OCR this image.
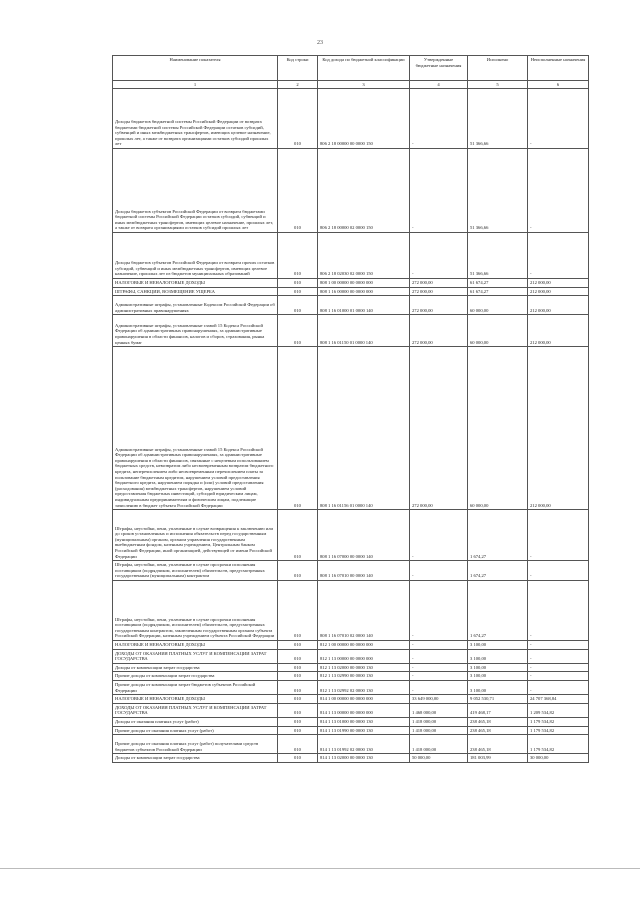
23
Наименование показателя	Код строки	Код дохода по бюджетной классификации	Утвержденные бюджетные назначения	Исполнено	Неисполненные назначения
1	2	3	4	5	6
Доходы бюджетов бюджетной системы Российской Федерации от возврата бюджетами бюджетной системы Российской Федерации остатков субсидий, субвенций и иных межбюджетных трансфертов, имеющих целевое назначение, прошлых лет, а также от возврата организациями остатков субсидий прошлых лет	010	806 2 18 00000 00 0000 150	-	51 366,66	-
Доходы бюджетов субъектов Российской Федерации от возврата бюджетами бюджетной системы Российской Федерации остатков субсидий, субвенций и иных межбюджетных трансфертов, имеющих целевое назначение, прошлых лет, а также от возврата организациями остатков субсидий прошлых лет	010	806 2 18 00000 02 0000 150	-	51 366,66	-
Доходы бюджетов субъектов Российской Федерации от возврата прочих остатков субсидий, субвенций и иных межбюджетных трансфертов, имеющих целевое назначение, прошлых лет из бюджетов муниципальных образований	010	806 2 18 02030 02 0000 150	-	51 366,66	-
НАЛОГОВЫЕ И НЕНАЛОГОВЫЕ ДОХОДЫ	010	808 1 00 00000 00 0000 000	272 000,00	61 674,27	212 000,00
ШТРАФЫ, САНКЦИИ, ВОЗМЕЩЕНИЕ УЩЕРБА	010	808 1 16 00000 00 0000 000	272 000,00	61 674,27	212 000,00
Административные штрафы, установленные Кодексом Российской Федерации об административных правонарушениях	010	808 1 16 01000 01 0000 140	272 000,00	60 000,00	212 000,00
Административные штрафы, установленные главой 15 Кодекса Российской Федерации об административных правонарушениях, за административные правонарушения в области финансов, налогов и сборов, страхования, рынка ценных бумаг	010	808 1 16 01150 01 0000 140	272 000,00	60 000,00	212 000,00
Административные штрафы, установленные главой 15 Кодекса Российской Федерации об административных правонарушениях, за административные правонарушения в области финансов, связанные с нецелевым использованием бюджетных средств, невозвратом либо несвоевременным возвратом бюджетного кредита, неперечислением либо несвоевременным перечислением платы за пользование бюджетным кредитом, нарушением условий предоставления бюджетного кредита, нарушением порядка и (или) условий предоставления (расходования) межбюджетных трансфертов, нарушением условий предоставления бюджетных инвестиций, субсидий юридическим лицам, индивидуальным предпринимателям и физическим лицам, подлежащие зачислению в бюджет субъекта Российской Федерации	010	808 1 16 01156 01 0000 140	272 000,00	60 000,00	212 000,00
Штрафы, неустойки, пени, уплаченные в случае возвращения к заключению или до сроков установленных и исполнения обязательств перед государственным (муниципальным) органом, органом управления государственным внебюджетным фондом, казенным учреждением, Центральным банком Российской Федерации, иной организацией, действующей от имени Российской Федерации	010	808 1 16 07000 00 0000 140	-	1 674,27	-
Штрафы, неустойки, пени, уплаченные в случае просрочки исполнения поставщиком (подрядчиком, исполнителем) обязательств, предусмотренных государственным (муниципальным) контрактом	010	808 1 16 07010 00 0000 140	-	1 674,27	-
Штрафы, неустойки, пени, уплаченные в случае просрочки исполнения поставщиком (подрядчиком, исполнителем) обязательств, предусмотренных государственным контрактом, заключенным государственным органом субъекта Российской Федерации, казенным учреждением субъекта Российской Федерации	010	808 1 16 07010 02 0000 140	-	1 674,27	-
НАЛОГОВЫЕ И НЕНАЛОГОВЫЕ ДОХОДЫ	010	812 1 00 00000 00 0000 000	-	3 100,00	-
ДОХОДЫ ОТ ОКАЗАНИЯ ПЛАТНЫХ УСЛУГ И КОМПЕНСАЦИИ ЗАТРАТ ГОСУДАРСТВА	010	812 1 13 00000 00 0000 000	-	3 100,00	-
Доходы от компенсации затрат государства	010	812 1 13 02000 00 0000 130	-	3 100,00	-
Прочие доходы от компенсации затрат государства	010	812 1 13 02990 00 0000 130	-	3 100,00	-
Прочие доходы от компенсации затрат бюджетов субъектов Российской Федерации	010	812 1 13 02992 02 0000 130	-	3 100,00	-
НАЛОГОВЫЕ И НЕНАЛОГОВЫЕ ДОХОДЫ	010	814 1 00 00000 00 0000 000	33 649 000,00	9 052 530,71	24 707 368,84
ДОХОДЫ ОТ ОКАЗАНИЯ ПЛАТНЫХ УСЛУГ И КОМПЕНСАЦИИ ЗАТРАТ ГОСУДАРСТВА	010	814 1 13 00000 00 0000 000	1 468 000,00	419 468,17	1 209 534,82
Доходы от оказания платных услуг (работ)	010	814 1 13 01000 00 0000 130	1 418 000,00	238 465,18	1 179 534,82
Прочие доходы от оказания платных услуг (работ)	010	814 1 13 01990 00 0000 130	1 418 000,00	238 465,18	1 179 534,82
Прочие доходы от оказания платных услуг (работ) получателями средств бюджетов субъектов Российской Федерации	010	814 1 13 01992 02 0000 130	1 418 000,00	238 465,18	1 179 534,82
Доходы от компенсации затрат государства	010	814 1 13 02000 00 0000 130	50 000,00	181 003,99	30 000,00
